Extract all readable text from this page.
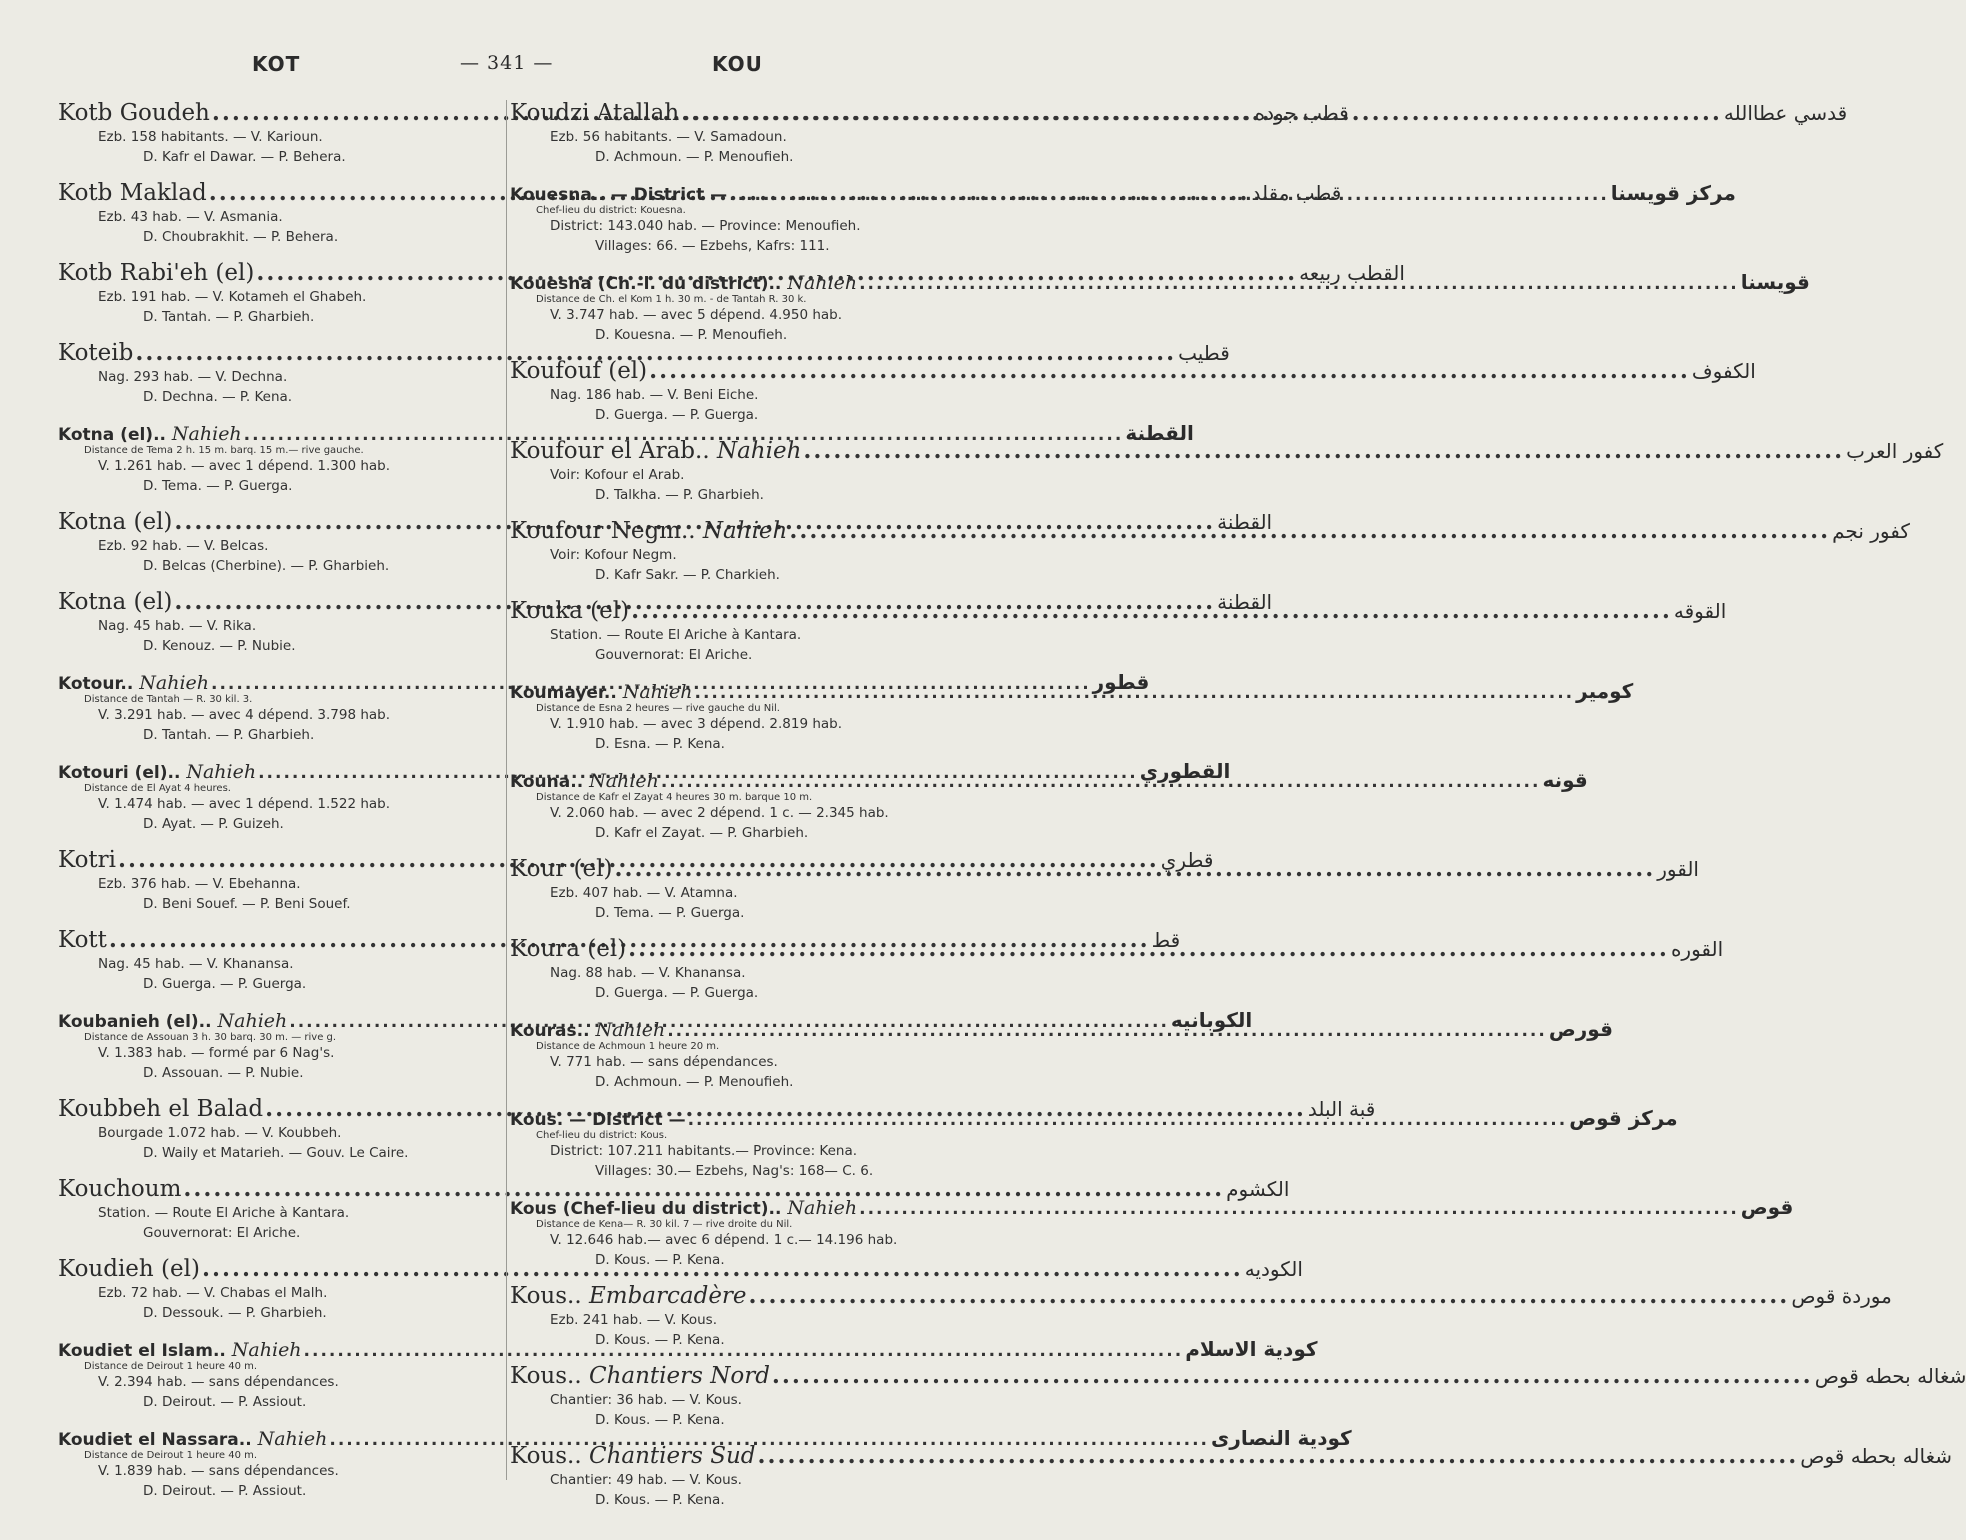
KOT	— 341 —	KOU
Kotb Goudeh .....	قطب جوده
Ezb. 158 habitants. — V. Karioun.
D. Kafr el Dawar. — P. Behera.
Kotb Maklad .....	قطب مقلد
Ezb. 43 hab. — V. Asmania.
D. Choubrakhit. — P. Behera.
Kotb Rabi'eh (el) .....	القطب ربيعه
Ezb. 191 hab. — V. Kotameh el Ghabeh.
D. Tantah. — P. Gharbieh.
Koteib .....	قطيب
Nag. 293 hab. — V. Dechna.
D. Dechna. — P. Kena.
Kotna (el)..
Nahieh .....	القطنة
Distance de Tema 2 h. 15 m. barq. 15 m.— rive gauche.
V. 1.261 hab. — avec 1 dépend. 1.300 hab.
D. Tema. — P. Guerga.
Kotna (el) .....	القطنة
Ezb. 92 hab. — V. Belcas.
D. Belcas (Cherbine). — P. Gharbieh.
Kotna (el) .....	القطنة
Nag. 45 hab. — V. Rika.
D. Kenouz. — P. Nubie.
Kotour..
Nahieh .....	قطور
Distance de Tantah — R. 30 kil. 3.
V. 3.291 hab. — avec 4 dépend. 3.798 hab.
D. Tantah. — P. Gharbieh.
Kotouri (el)..
Nahieh .....	القطوري
Distance de El Ayat 4 heures.
V. 1.474 hab. — avec 1 dépend. 1.522 hab.
D. Ayat. — P. Guizeh.
Kotri .....	قطري
Ezb. 376 hab. — V. Ebehanna.
D. Beni Souef. — P. Beni Souef.
Kott .....	قط
Nag. 45 hab. — V. Khanansa.
D. Guerga. — P. Guerga.
Koubanieh (el)..
Nahieh .....	الكوبانيه
Distance de Assouan 3 h. 30 barq. 30 m. — rive g.
V. 1.383 hab. — formé par 6 Nag's.
D. Assouan. — P. Nubie.
Koubbeh el Balad .....	قبة البلد
Bourgade 1.072 hab. — V. Koubbeh.
D. Waily et Matarieh. — Gouv. Le Caire.
Kouchoum .....	الكشوم
Station. — Route El Ariche à Kantara.
Gouvernorat: El Ariche.
Koudieh (el) .....	الكوديه
Ezb. 72 hab. — V. Chabas el Malh.
D. Dessouk. — P. Gharbieh.
Koudiet el Islam..
Nahieh .....	كودية الاسلام
Distance de Deirout 1 heure 40 m.
V. 2.394 hab. — sans dépendances.
D. Deirout. — P. Assiout.
Koudiet el Nassara..
Nahieh .....	كودية النصارى
Distance de Deirout 1 heure 40 m.
V. 1.839 hab. — sans dépendances.
D. Deirout. — P. Assiout.
Koudzi Atallah .....	قدسي عطاالله
Ezb. 56 habitants. — V. Samadoun.
D. Achmoun. — P. Menoufieh.
Kouesna.. — District — .....	مركز قويسنا
Chef-lieu du district: Kouesna.
District: 143.040 hab. — Province: Menoufieh.
Villages: 66. — Ezbehs, Kafrs: 111.
Kouesna (Ch.-l. du district)..
Nahieh .....	قويسنا
Distance de Ch. el Kom 1 h. 30 m. - de Tantah R. 30 k.
V. 3.747 hab. — avec 5 dépend. 4.950 hab.
D. Kouesna. — P. Menoufieh.
Koufouf (el) .....	الكفوف
Nag. 186 hab. — V. Beni Eiche.
D. Guerga. — P. Guerga.
Koufour el Arab..
Nahieh .....	كفور العرب
Voir: Kofour el Arab.
D. Talkha. — P. Gharbieh.
Koufour Negm..
Nahieh .....	كفور نجم
Voir: Kofour Negm.
D. Kafr Sakr. — P. Charkieh.
Kouka (el) .....	القوقه
Station. — Route El Ariche à Kantara.
Gouvernorat: El Ariche.
Koumayer..
Nahieh .....	كومير
Distance de Esna 2 heures — rive gauche du Nil.
V. 1.910 hab. — avec 3 dépend. 2.819 hab.
D. Esna. — P. Kena.
Kouna..
Nahieh .....	قونه
Distance de Kafr el Zayat 4 heures 30 m. barque 10 m.
V. 2.060 hab. — avec 2 dépend. 1 c. — 2.345 hab.
D. Kafr el Zayat. — P. Gharbieh.
Kour (el) .....	القور
Ezb. 407 hab. — V. Atamna.
D. Tema. — P. Guerga.
Koura (el) .....	القوره
Nag. 88 hab. — V. Khanansa.
D. Guerga. — P. Guerga.
Kouras..
Nahieh .....	قورص
Distance de Achmoun 1 heure 20 m.
V. 771 hab. — sans dépendances.
D. Achmoun. — P. Menoufieh.
Kous. — District — .....	مركز قوص
Chef-lieu du district: Kous.
District: 107.211 habitants.— Province: Kena.
Villages: 30.— Ezbehs, Nag's: 168— C. 6.
Kous (Chef-lieu du district)..
Nahieh .....	قوص
Distance de Kena— R. 30 kil. 7 — rive droite du Nil.
V. 12.646 hab.— avec 6 dépend. 1 c.— 14.196 hab.
D. Kous. — P. Kena.
Kous..
Embarcadère .....	موردة قوص
Ezb. 241 hab. — V. Kous.
D. Kous. — P. Kena.
Kous..
Chantiers Nord .....	شغاله بحطه قوص
Chantier: 36 hab. — V. Kous.
D. Kous. — P. Kena.
Kous..
Chantiers Sud .....	شغاله بحطه قوص
Chantier: 49 hab. — V. Kous.
D. Kous. — P. Kena.
